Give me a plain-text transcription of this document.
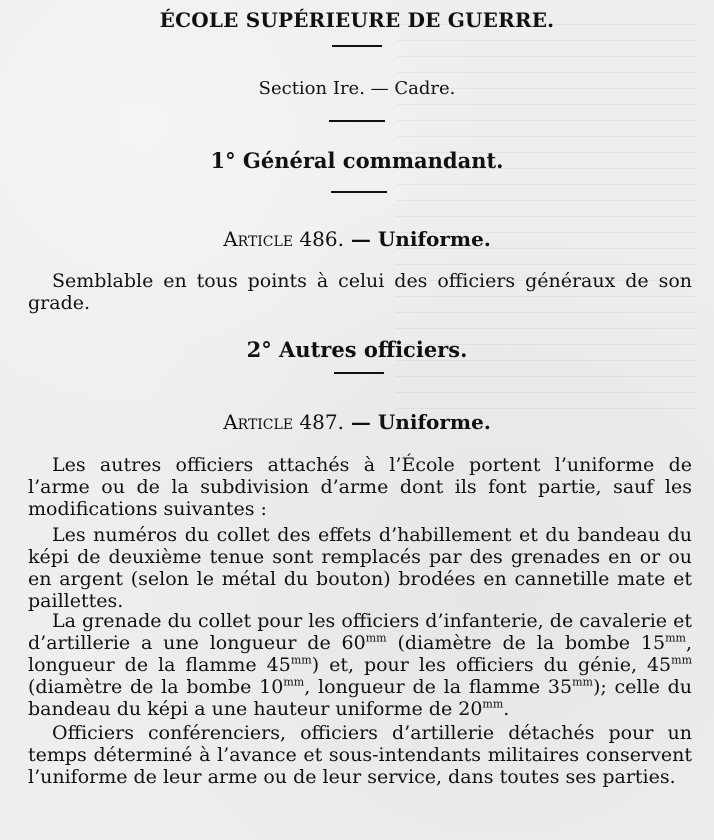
ÉCOLE SUPÉRIEURE DE GUERRE.
Section Ire. — Cadre.
1° Général commandant.
Article 486. — Uniforme.
Semblable en tous points à celui des officiers généraux de son grade.
2° Autres officiers.
Article 487. — Uniforme.
Les autres officiers attachés à l’École portent l’uniforme de l’arme ou de la subdivision d’arme dont ils font partie, sauf les modifications suivantes :
Les numéros du collet des effets d’habillement et du bandeau du képi de deuxième tenue sont remplacés par des grenades en or ou en argent (selon le métal du bouton) brodées en cannetille mate et paillettes.
La grenade du collet pour les officiers d’infanterie, de cavalerie et d’artillerie a une longueur de $60^{mm}$ (diamètre de la bombe $15^{mm}$, longueur de la flamme $45^{mm}$) et, pour les officiers du génie, $45^{mm}$ (diamètre de la bombe $10^{mm}$, longueur de la flamme $35^{mm}$); celle du bandeau du képi a une hauteur uniforme de $20^{mm}$.
Officiers conférenciers, officiers d’artillerie détachés pour un temps déterminé à l’avance et sous-intendants militaires conservent l’uniforme de leur arme ou de leur service, dans toutes ses parties.
